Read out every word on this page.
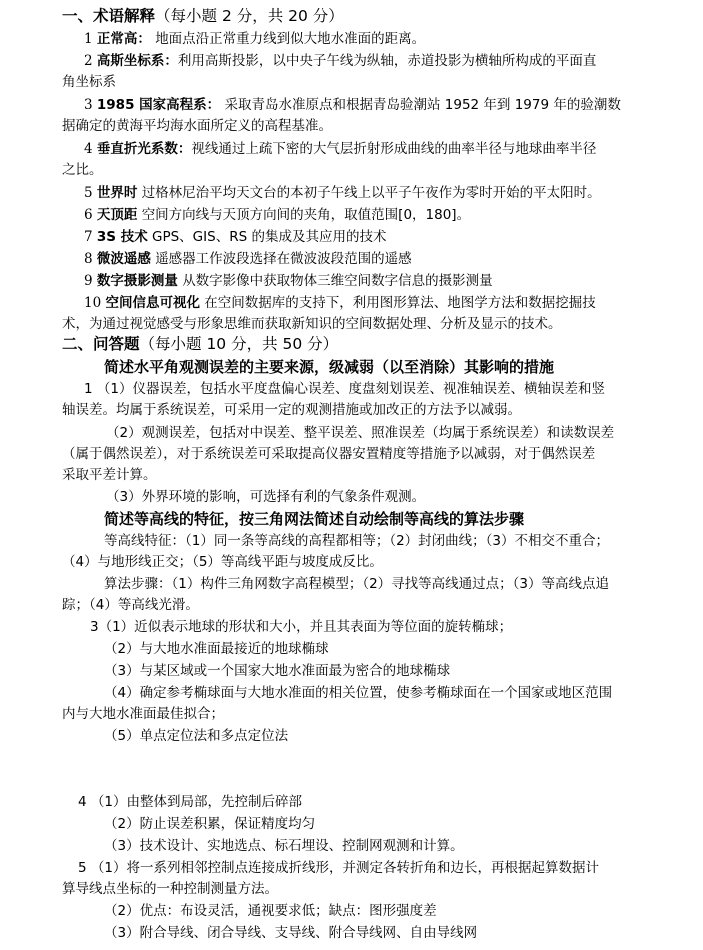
一、术语解释（每小题 2 分，共 20 分）
1 正常高： 地面点沿正常重力线到似大地水准面的距离。
2 高斯坐标系：利用高斯投影，以中央子午线为纵轴，赤道投影为横轴所构成的平面直
角坐标系
3 1985 国家高程系： 采取青岛水准原点和根据青岛验潮站 1952 年到 1979 年的验潮数
据确定的黄海平均海水面所定义的高程基准。
4 垂直折光系数：视线通过上疏下密的大气层折射形成曲线的曲率半径与地球曲率半径
之比。
5 世界时 过格林尼治平均天文台的本初子午线上以平子午夜作为零时开始的平太阳时。
6 天顶距 空间方向线与天顶方向间的夹角，取值范围[0，180]。
7 3S 技术 GPS、GIS、RS 的集成及其应用的技术
8 微波遥感 遥感器工作波段选择在微波波段范围的遥感
9 数字摄影测量 从数字影像中获取物体三维空间数字信息的摄影测量
10 空间信息可视化 在空间数据库的支持下，利用图形算法、地图学方法和数据挖掘技
术，为通过视觉感受与形象思维而获取新知识的空间数据处理、分析及显示的技术。
二、问答题（每小题 10 分，共 50 分）
简述水平角观测误差的主要来源，级减弱（以至消除）其影响的措施
1 （1）仪器误差，包括水平度盘偏心误差、度盘刻划误差、视准轴误差、横轴误差和竖
轴误差。均属于系统误差，可采用一定的观测措施或加改正的方法予以减弱。
（2）观测误差，包括对中误差、整平误差、照准误差（均属于系统误差）和读数误差
（属于偶然误差），对于系统误差可采取提高仪器安置精度等措施予以减弱，对于偶然误差
采取平差计算。
（3）外界环境的影响，可选择有利的气象条件观测。
简述等高线的特征，按三角网法简述自动绘制等高线的算法步骤
等高线特征：（1）同一条等高线的高程都相等；（2）封闭曲线；（3）不相交不重合；
（4）与地形线正交；（5）等高线平距与坡度成反比。
算法步骤：（1）构件三角网数字高程模型；（2）寻找等高线通过点；（3）等高线点追
踪；（4）等高线光滑。
3（1）近似表示地球的形状和大小，并且其表面为等位面的旋转椭球；
（2）与大地水准面最接近的地球椭球
（3）与某区域或一个国家大地水准面最为密合的地球椭球
（4）确定参考椭球面与大地水准面的相关位置，使参考椭球面在一个国家或地区范围
内与大地水准面最佳拟合；
（5）单点定位法和多点定位法
4 （1）由整体到局部，先控制后碎部
（2）防止误差积累，保证精度均匀
（3）技术设计、实地选点、标石埋设、控制网观测和计算。
5 （1）将一系列相邻控制点连接成折线形，并测定各转折角和边长，再根据起算数据计
算导线点坐标的一种控制测量方法。
（2）优点：布设灵活，通视要求低；缺点：图形强度差
（3）附合导线、闭合导线、支导线、附合导线网、自由导线网
